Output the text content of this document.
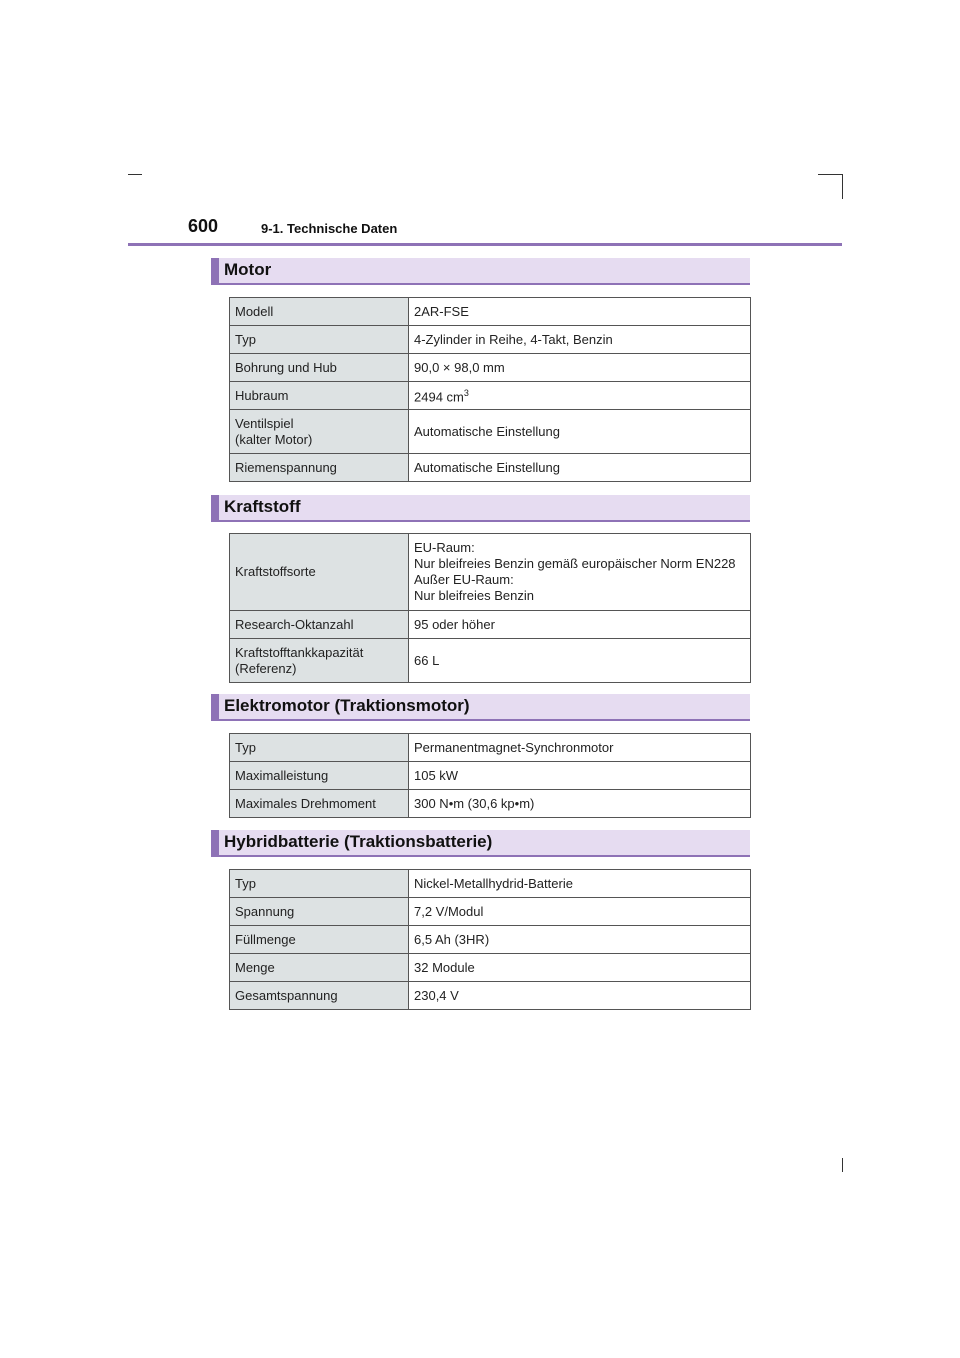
600	9-1. Technische Daten
Motor
Modell	2AR-FSE
Typ	4-Zylinder in Reihe, 4-Takt, Benzin
Bohrung und Hub	90,0 × 98,0 mm
Hubraum	2494 $cm^3$
Ventilspiel
(kalter Motor)	Automatische Einstellung
Riemenspannung	Automatische Einstellung
Kraftstoff
Kraftstoffsorte	EU-Raum:
Nur bleifreies Benzin gemäß europäischer Norm EN228
Außer EU-Raum:
Nur bleifreies Benzin
Research-Oktanzahl	95 oder höher
Kraftstofftankkapazität
(Referenz)	66 L
Elektromotor (Traktionsmotor)
Typ	Permanentmagnet-Synchronmotor
Maximalleistung	105 kW
Maximales Drehmoment	300 N•m (30,6 kp•m)
Hybridbatterie (Traktionsbatterie)
Typ	Nickel-Metallhydrid-Batterie
Spannung	7,2 V/Modul
Füllmenge	6,5 Ah (3HR)
Menge	32 Module
Gesamtspannung	230,4 V
